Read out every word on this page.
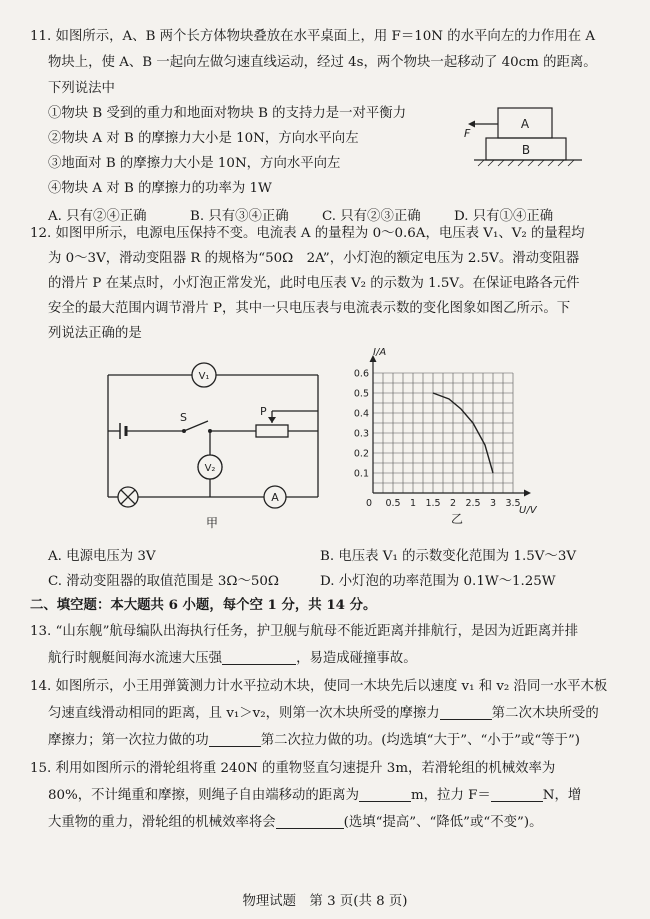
11. 如图所示，A、B 两个长方体物块叠放在水平桌面上，用 F＝10N 的水平向左的力作用在 A
物块上，使 A、B 一起向左做匀速直线运动，经过 4s，两个物块一起移动了 40cm 的距离。
下列说法中
①物块 B 受到的重力和地面对物块 B 的支持力是一对平衡力
②物块 A 对 B 的摩擦力大小是 10N，方向水平向左
③地面对 B 的摩擦力大小是 10N，方向水平向左
④物块 A 对 B 的摩擦力的功率为 1W
A
B
F
A. 只有②④正确	B. 只有③④正确 C. 只有②③正确 D. 只有①④正确
12. 如图甲所示，电源电压保持不变。电流表 A 的量程为 0～0.6A，电压表 V₁、V₂ 的量程均
为 0～3V，滑动变阻器 R 的规格为“50Ω　2A”，小灯泡的额定电压为 2.5V。滑动变阻器
的滑片 P 在某点时，小灯泡正常发光，此时电压表 V₂ 的示数为 1.5V。在保证电路各元件
安全的最大范围内调节滑片 P，其中一只电压表与电流表示数的变化图象如图乙所示。下
列说法正确的是
V₁
S	P
V₂
A
甲
0 0.5 1 1.5 2 2.5 3 3.5
0.1
0.2
0.3
0.4
0.5
0.6
I/A
U/V
乙
A. 电源电压为 3V	B. 电压表 V₁ 的示数变化范围为 1.5V～3V
C. 滑动变阻器的取值范围是 3Ω～50Ω	D. 小灯泡的功率范围为 0.1W～1.25W
二、填空题：本大题共 6 小题，每个空 1 分，共 14 分。
13. “山东舰”航母编队出海执行任务，护卫舰与航母不能近距离并排航行，是因为近距离并排
航行时舰艇间海水流速大压强	，易造成碰撞事故。
14. 如图所示，小王用弹簧测力计水平拉动木块，使同一木块先后以速度 v₁ 和 v₂ 沿同一水平木板
匀速直线滑动相同的距离，且 v₁＞v₂，则第一次木块所受的摩擦力	第二次木块所受的
摩擦力；第一次拉力做的功	第二次拉力做的功。(均选填“大于”、“小于”或“等于”)
15. 利用如图所示的滑轮组将重 240N 的重物竖直匀速提升 3m，若滑轮组的机械效率为
80%，不计绳重和摩擦，则绳子自由端移动的距离为	m，拉力 F＝	N，增
大重物的重力，滑轮组的机械效率将会	(选填“提高”、“降低”或“不变”)。
物理试题　第 3 页(共 8 页)
